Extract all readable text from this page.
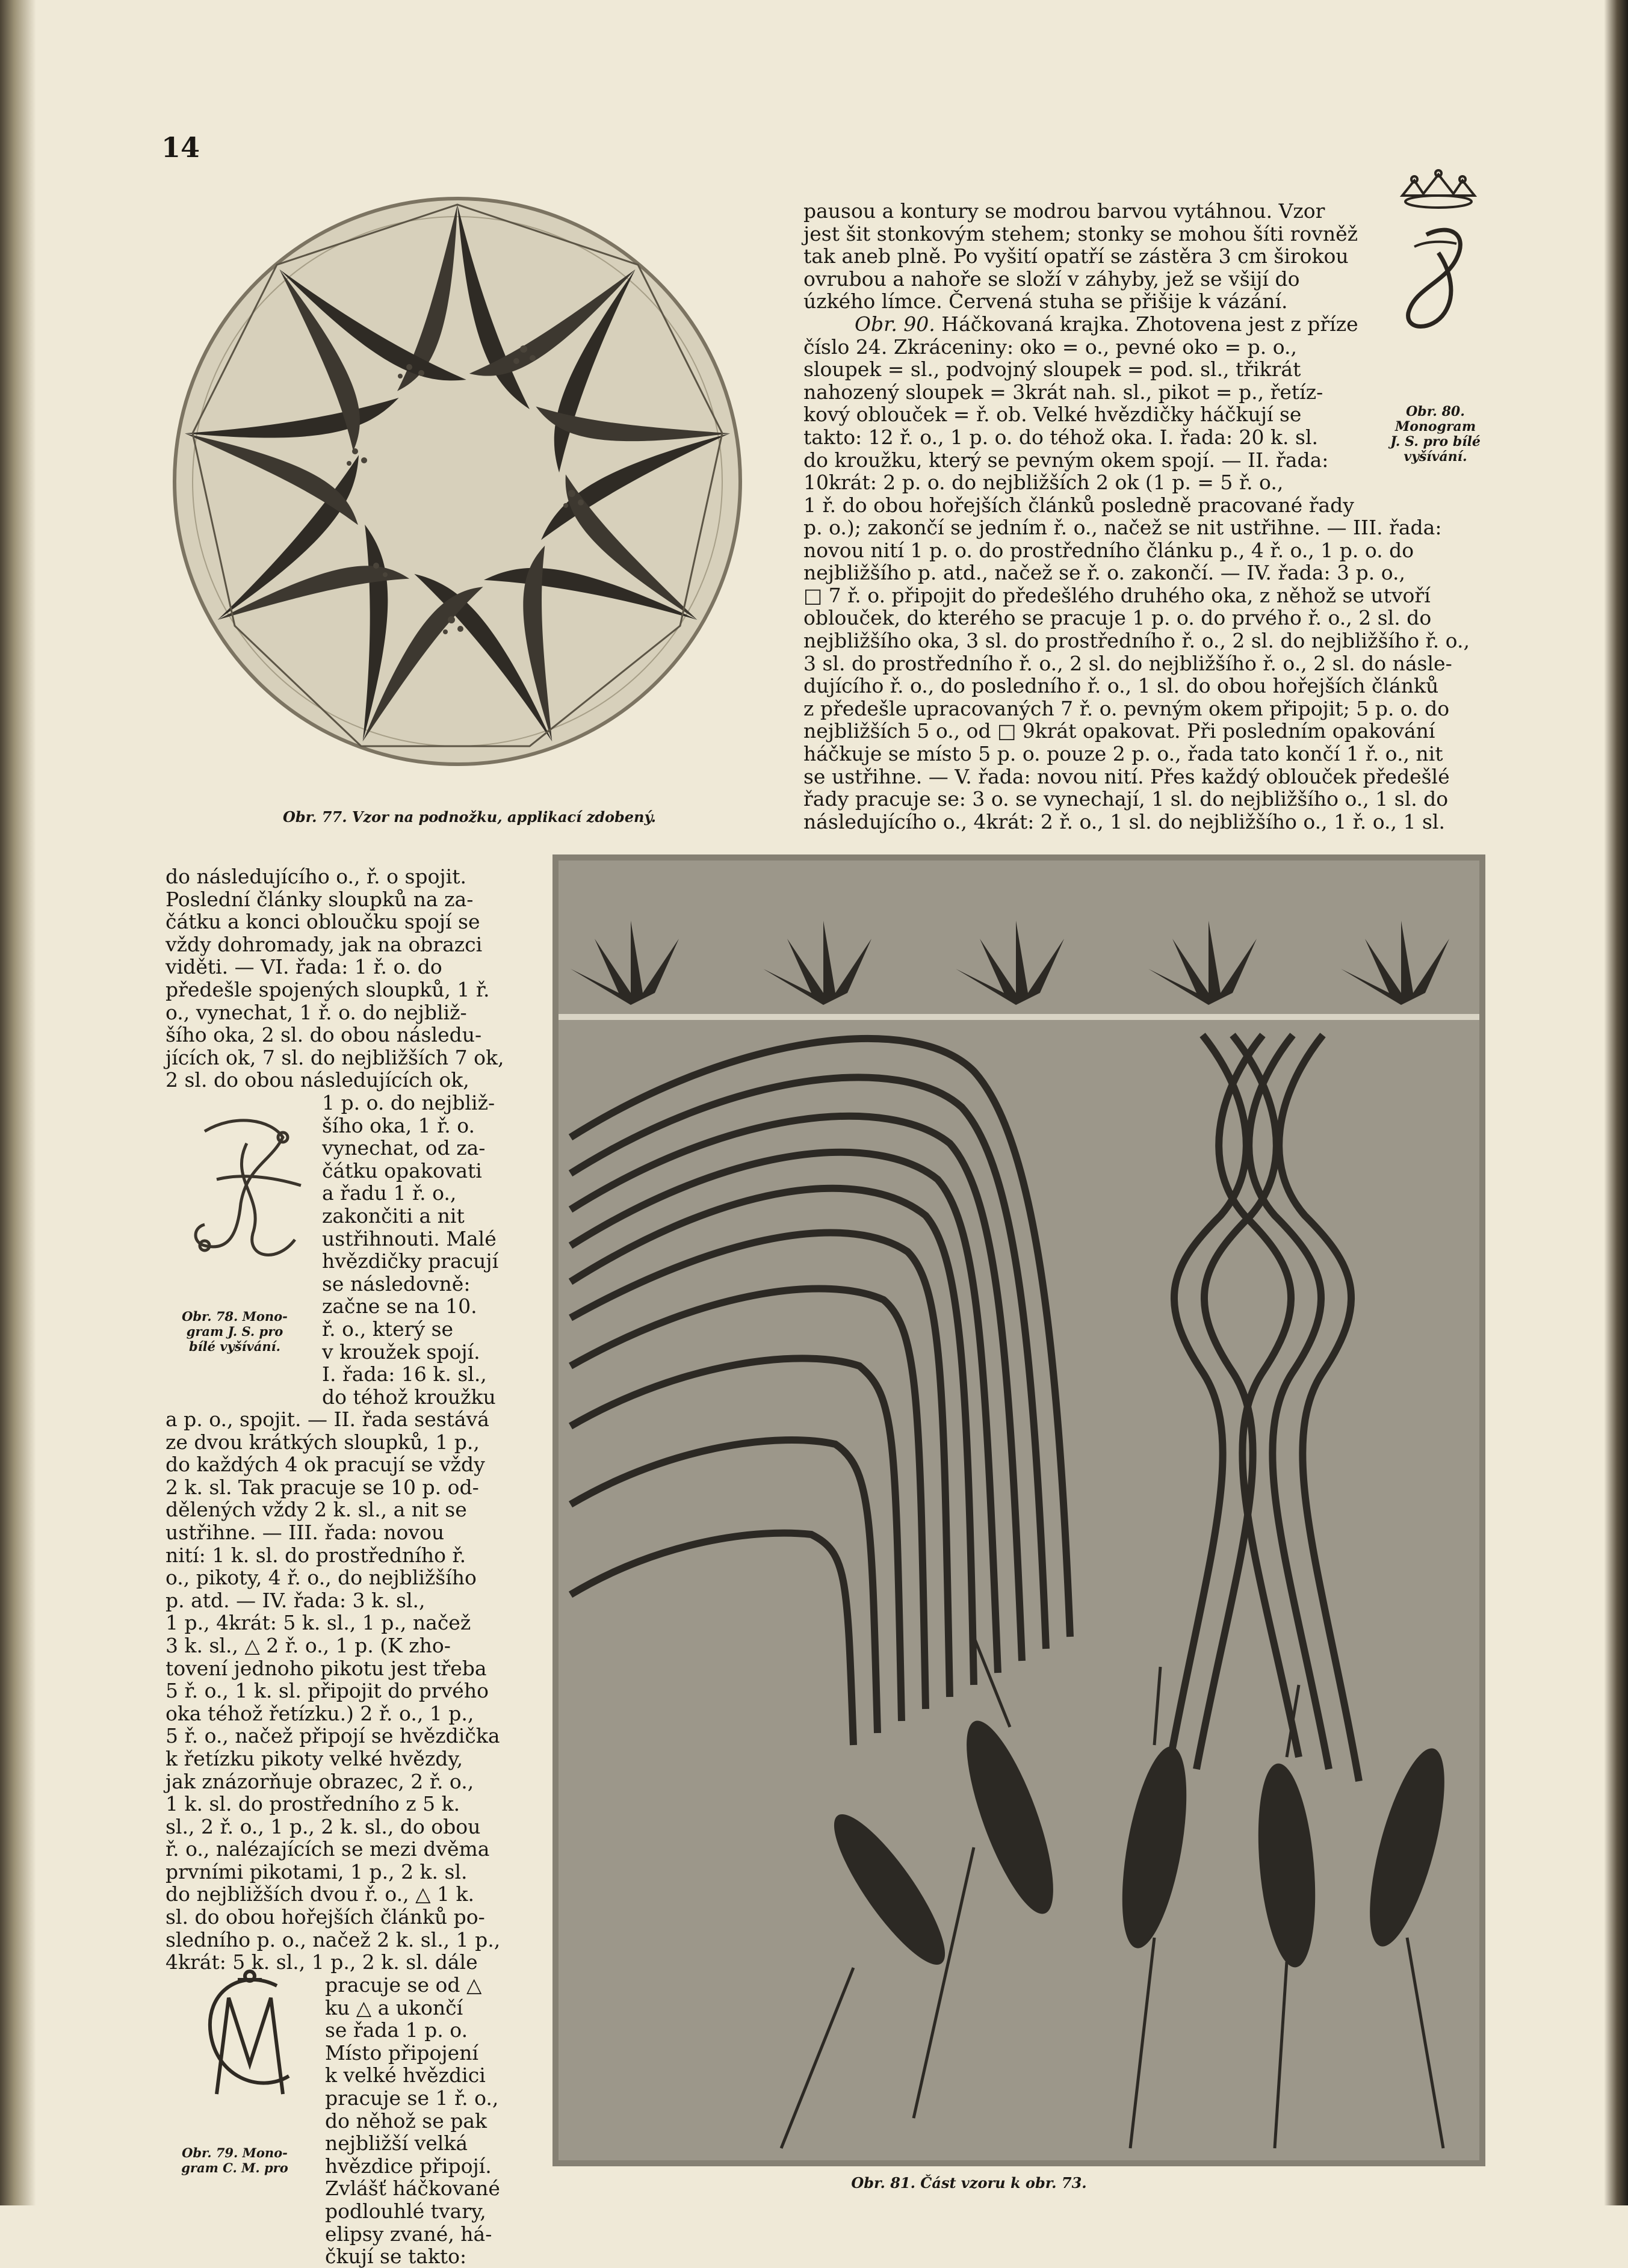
14
Obr. 77. Vzor na podnožku, applikací zdobený.

pausou a kontury se modrou barvou vytáhnou. Vzor

jest šit stonkovým stehem; stonky se mohou šíti rovněž

tak aneb plně. Po vyšití opatří se zástěra 3 cm širokou

ovrubou a nahoře se složí v záhyby, jež se všijí do

úzkého límce. Červená stuha se přišije k vázání.

Obr. 90. Háčkovaná krajka. Zhotovena jest z příze

číslo 24. Zkráceniny: oko = o., pevné oko = p. o.,

sloupek = sl., podvojný sloupek = pod. sl., třikrát

nahozený sloupek = 3krát nah. sl., pikot = p., řetíz-

kový oblouček = ř. ob. Velké hvězdičky háčkují se

takto: 12 ř. o., 1 p. o. do téhož oka. I. řada: 20 k. sl.

do kroužku, který se pevným okem spojí. — II. řada:

10krát: 2 p. o. do nejbližších 2 ok (1 p. = 5 ř. o.,

1 ř. do obou hořejších článků posledně pracované řady

p. o.); zakončí se jedním ř. o., načež se nit ustřihne. — III. řada:

novou nití 1 p. o. do prostředního článku p., 4 ř. o., 1 p. o. do

nejbližšího p. atd., načež se ř. o. zakončí. — IV. řada: 3 p. o.,

□ 7 ř. o. připojit do předešlého druhého oka, z něhož se utvoří

oblouček, do kterého se pracuje 1 p. o. do prvého ř. o., 2 sl. do

nejbližšího oka, 3 sl. do prostředního ř. o., 2 sl. do nejbližšího ř. o.,

3 sl. do prostředního ř. o., 2 sl. do nejbližšího ř. o., 2 sl. do násle-

dujícího ř. o., do posledního ř. o., 1 sl. do obou hořejších článků

z předešle upracovaných 7 ř. o. pevným okem připojit; 5 p. o. do

nejbližších 5 o., od □ 9krát opakovat. Při posledním opakování

háčkuje se místo 5 p. o. pouze 2 p. o., řada tato končí 1 ř. o., nit

se ustřihne. — V. řada: novou nití. Přes každý oblouček předešlé

řady pracuje se: 3 o. se vynechají, 1 sl. do nejbližšího o., 1 sl. do

následujícího o., 4krát: 2 ř. o., 1 sl. do nejbližšího o., 1 ř. o., 1 sl.

Obr. 80.
Monogram
J. S. pro bílé
vyšívání.

do následujícího o., ř. o spojit.

Poslední články sloupků na za-

čátku a konci obloučku spojí se

vždy dohromady, jak na obrazci

viděti. — VI. řada: 1 ř. o. do

předešle spojených sloupků, 1 ř.

o., vynechat, 1 ř. o. do nejbliž-

šího oka, 2 sl. do obou následu-

jících ok, 7 sl. do nejbližších 7 ok,

2 sl. do obou následujících ok,

Obr. 78. Mono-
gram J. S. pro
bílé vyšívání.

1 p. o. do nejbliž-

šího oka, 1 ř. o.

vynechat, od za-

čátku opakovati

a řadu 1 ř. o.,

zakončiti a nit

ustřihnouti. Malé

hvězdičky pracují

se následovně:

začne se na 10.

ř. o., který se

v kroužek spojí.

I. řada: 16 k. sl.,

do téhož kroužku

a p. o., spojit. — II. řada sestává

ze dvou krátkých sloupků, 1 p.,

do každých 4 ok pracují se vždy

2 k. sl. Tak pracuje se 10 p. od-

dělených vždy 2 k. sl., a nit se

ustřihne. — III. řada: novou

nití: 1 k. sl. do prostředního ř.

o., pikoty, 4 ř. o., do nejbližšího

p. atd. — IV. řada: 3 k. sl.,

1 p., 4krát: 5 k. sl., 1 p., načež

3 k. sl., △ 2 ř. o., 1 p. (K zho-

tovení jednoho pikotu jest třeba

5 ř. o., 1 k. sl. připojit do prvého

oka téhož řetízku.) 2 ř. o., 1 p.,

5 ř. o., načež připojí se hvězdička

k řetízku pikoty velké hvězdy,

jak znázorňuje obrazec, 2 ř. o.,

1 k. sl. do prostředního z 5 k.

sl., 2 ř. o., 1 p., 2 k. sl., do obou

ř. o., nalézajících se mezi dvěma

prvními pikotami, 1 p., 2 k. sl.

do nejbližších dvou ř. o., △ 1 k.

sl. do obou hořejších článků po-

sledního p. o., načež 2 k. sl., 1 p.,

4krát: 5 k. sl., 1 p., 2 k. sl. dále

Obr. 79. Mono-
gram C. M. pro

pracuje se od △

ku △ a ukončí

se řada 1 p. o.

Místo připojení

k velké hvězdici

pracuje se 1 ř. o.,

do něhož se pak

nejbližší velká

hvězdice připojí.

Zvlášť háčkované

podlouhlé tvary,

elipsy zvané, há-

čkují se takto:

Obr. 81. Část vzoru k obr. 73.
